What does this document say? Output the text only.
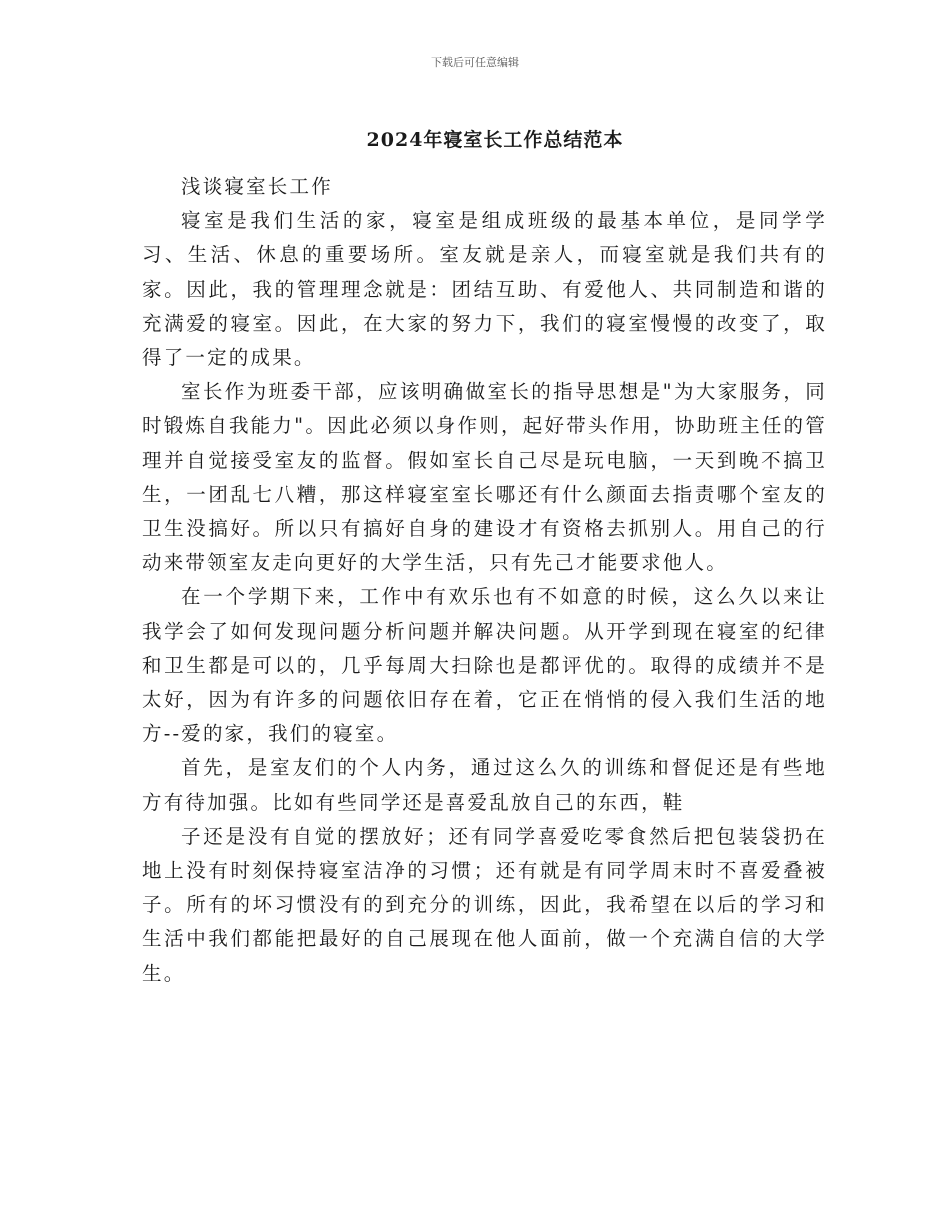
下载后可任意编辑
2024年寝室长工作总结范本

浅谈寝室长工作

寝室是我们生活的家，寝室是组成班级的最基本单位，是同学学习、生活、休息的重要场所。室友就是亲人，而寝室就是我们共有的家。因此，我的管理理念就是：团结互助、有爱他人、共同制造和谐的充满爱的寝室。因此，在大家的努力下，我们的寝室慢慢的改变了，取得了一定的成果。

室长作为班委干部，应该明确做室长的指导思想是"为大家服务，同时锻炼自我能力"。因此必须以身作则，起好带头作用，协助班主任的管理并自觉接受室友的监督。假如室长自己尽是玩电脑，一天到晚不搞卫生，一团乱七八糟，那这样寝室室长哪还有什么颜面去指责哪个室友的卫生没搞好。所以只有搞好自身的建设才有资格去抓别人。用自己的行动来带领室友走向更好的大学生活，只有先己才能要求他人。

在一个学期下来，工作中有欢乐也有不如意的时候，这么久以来让我学会了如何发现问题分析问题并解决问题。从开学到现在寝室的纪律和卫生都是可以的，几乎每周大扫除也是都评优的。取得的成绩并不是太好，因为有许多的问题依旧存在着，它正在悄悄的侵入我们生活的地方--爱的家，我们的寝室。

首先，是室友们的个人内务，通过这么久的训练和督促还是有些地方有待加强。比如有些同学还是喜爱乱放自己的东西，鞋

子还是没有自觉的摆放好；还有同学喜爱吃零食然后把包装袋扔在地上没有时刻保持寝室洁净的习惯；还有就是有同学周末时不喜爱叠被子。所有的坏习惯没有的到充分的训练，因此，我希望在以后的学习和生活中我们都能把最好的自己展现在他人面前，做一个充满自信的大学生。
